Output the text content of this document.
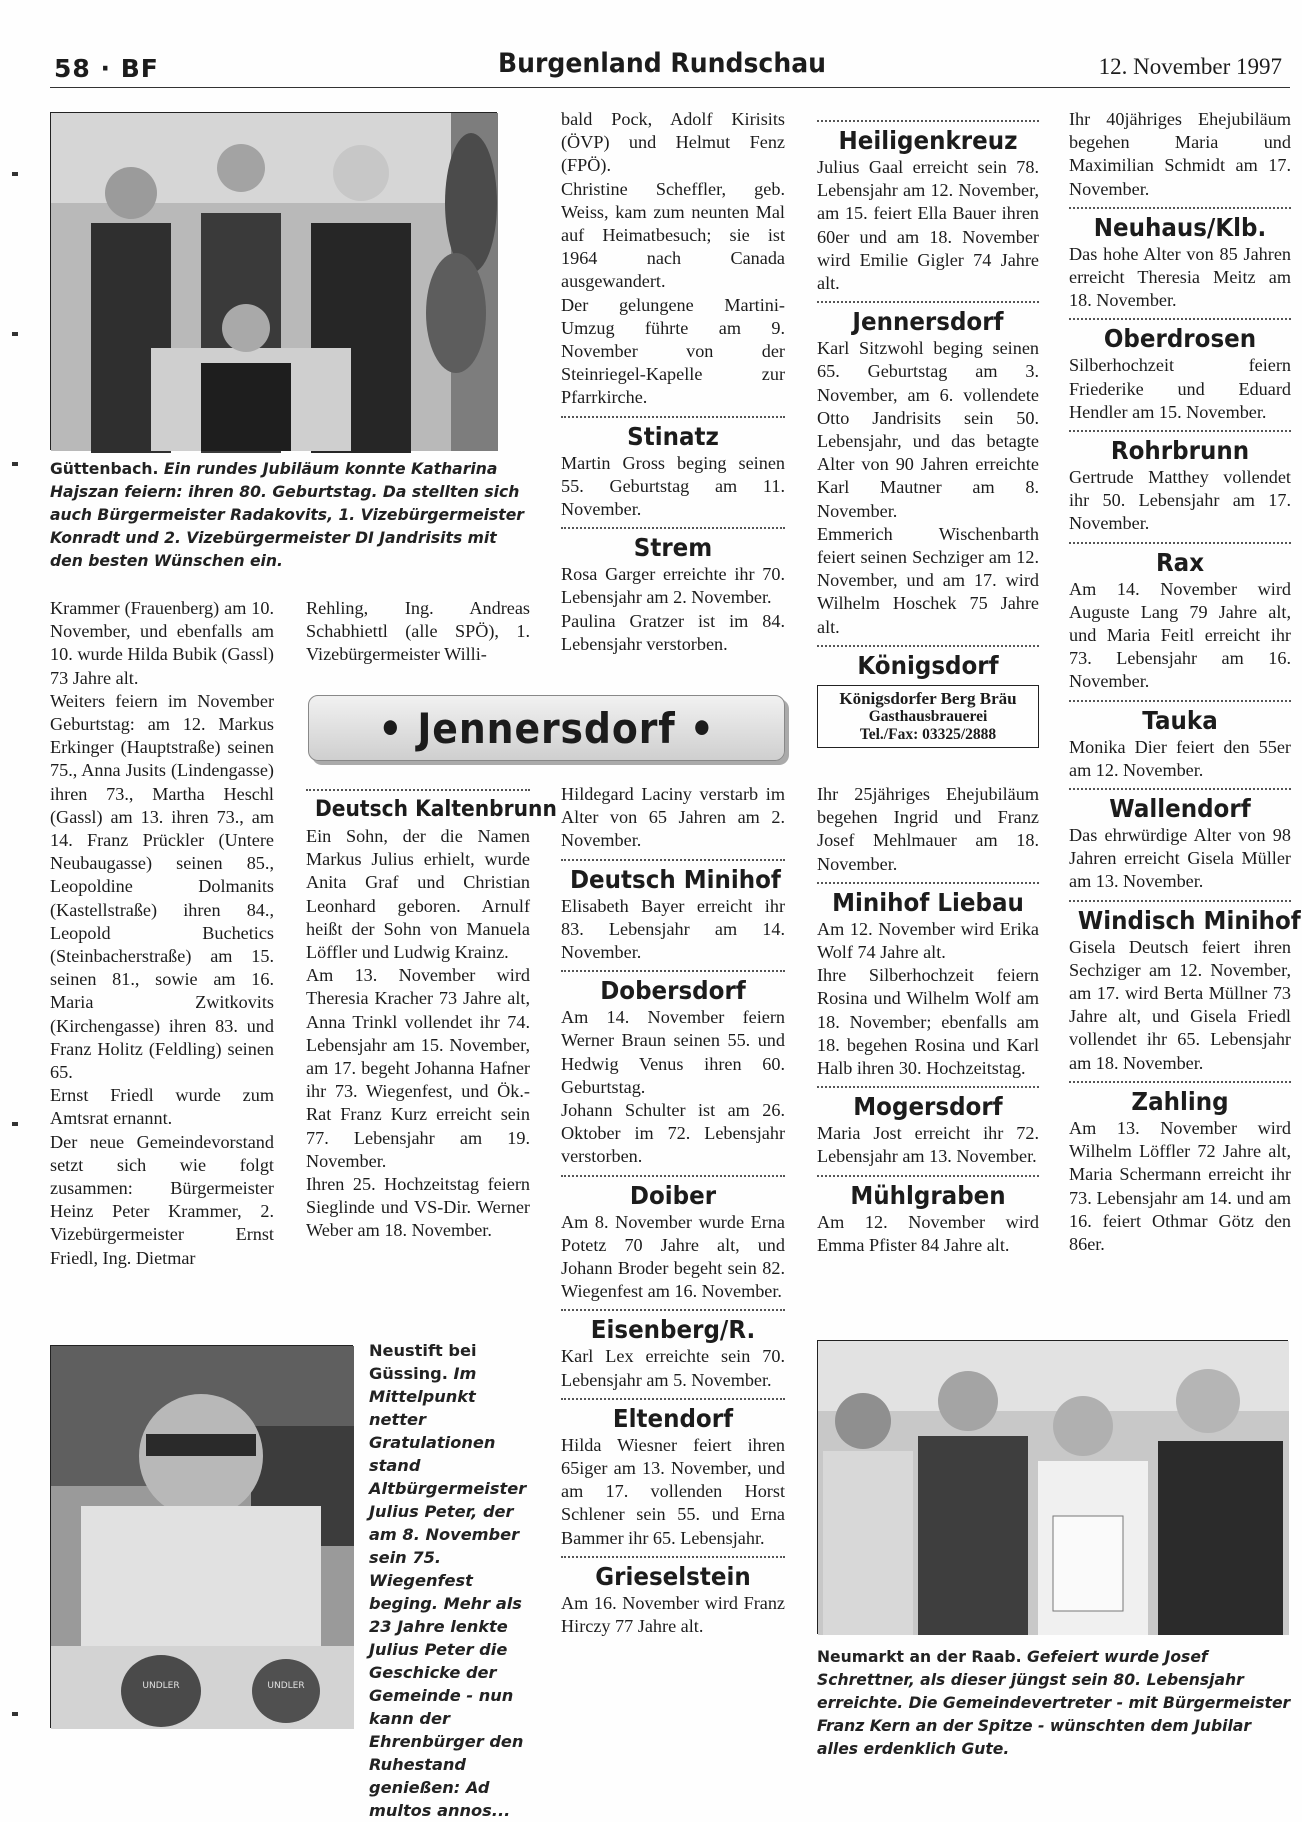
58 · BF	Burgenland Rundschau	12. November 1997
Güttenbach. Ein rundes Jubiläum konnte Katharina Hajszan feiern: ihren 80. Geburtstag. Da stellten sich auch Bürgermeister Radakovits, 1. Vizebürgermeister Konradt und 2. Vizebürgermeister DI Jandrisits mit den besten Wünschen ein.

Krammer (Frauenberg) am 10. November, und ebenfalls am 10. wurde Hilda Bubik (Gassl) 73 Jahre alt.

Weiters feiern im November Geburtstag: am 12. Markus Erkinger (Hauptstraße) seinen 75., Anna Jusits (Lindengasse) ihren 73., Martha Heschl (Gassl) am 13. ihren 73., am 14. Franz Prückler (Untere Neubaugasse) seinen 85., Leopoldine Dolmanits (Kastellstraße) ihren 84., Leopold Buchetics (Steinbacherstraße) am 15. seinen 81., sowie am 16. Maria Zwitkovits (Kirchengasse) ihren 83. und Franz Holitz (Feldling) seinen 65.

Ernst Friedl wurde zum Amtsrat ernannt.

Der neue Gemeindevorstand setzt sich wie folgt zusammen: Bürgermeister Heinz Peter Krammer, 2. Vizebürgermeister Ernst Friedl, Ing. Dietmar

Rehling, Ing. Andreas Schabhiettl (alle SPÖ), 1. Vizebürgermeister Willi-

bald Pock, Adolf Kirisits (ÖVP) und Helmut Fenz (FPÖ).

Christine Scheffler, geb. Weiss, kam zum neunten Mal auf Heimatbesuch; sie ist 1964 nach Canada ausgewandert.

Der gelungene Martini-Umzug führte am 9. November von der Steinriegel-Kapelle zur Pfarrkirche.

Stinatz

Martin Gross beging seinen 55. Geburtstag am 11. November.

Strem

Rosa Garger erreichte ihr 70. Lebensjahr am 2. November.

Paulina Gratzer ist im 84. Lebensjahr verstorben.

Heiligenkreuz

Julius Gaal erreicht sein 78. Lebensjahr am 12. November, am 15. feiert Ella Bauer ihren 60er und am 18. November wird Emilie Gigler 74 Jahre alt.

Jennersdorf

Karl Sitzwohl beging seinen 65. Geburtstag am 3. November, am 6. vollendete Otto Jandrisits sein 50. Lebensjahr, und das betagte Alter von 90 Jahren erreichte Karl Mautner am 8. November.

Emmerich Wischenbarth feiert seinen Sechziger am 12. November, und am 17. wird Wilhelm Hoschek 75 Jahre alt.

Königsdorf
Königsdorfer Berg Bräu
Gasthausbrauerei
Tel./Fax: 03325/2888

Ihr 40jähriges Ehejubiläum begehen Maria und Maximilian Schmidt am 17. November.

Neuhaus/Klb.

Das hohe Alter von 85 Jahren erreicht Theresia Meitz am 18. November.

Oberdrosen

Silberhochzeit feiern Friederike und Eduard Hendler am 15. November.

Rohrbrunn

Gertrude Matthey vollendet ihr 50. Lebensjahr am 17. November.

Rax

Am 14. November wird Auguste Lang 79 Jahre alt, und Maria Feitl erreicht ihr 73. Lebensjahr am 16. November.

Tauka

Monika Dier feiert den 55er am 12. November.

Wallendorf

Das ehrwürdige Alter von 98 Jahren erreicht Gisela Müller am 13. November.

Windisch Minihof

Gisela Deutsch feiert ihren Sechziger am 12. November, am 17. wird Berta Müllner 73 Jahre alt, und Gisela Friedl vollendet ihr 65. Lebensjahr am 18. November.

Zahling

Am 13. November wird Wilhelm Löffler 72 Jahre alt, Maria Schermann erreicht ihr 73. Lebensjahr am 14. und am 16. feiert Othmar Götz den 86er.

• Jennersdorf •
Deutsch Kaltenbrunn

Ein Sohn, der die Namen Markus Julius erhielt, wurde Anita Graf und Christian Leonhard geboren. Arnulf heißt der Sohn von Manuela Löffler und Ludwig Krainz.

Am 13. November wird Theresia Kracher 73 Jahre alt, Anna Trinkl vollendet ihr 74. Lebensjahr am 15. November, am 17. begeht Johanna Hafner ihr 73. Wiegenfest, und Ök.-Rat Franz Kurz erreicht sein 77. Lebensjahr am 19. November.

Ihren 25. Hochzeitstag feiern Sieglinde und VS-Dir. Werner Weber am 18. November.

Hildegard Laciny verstarb im Alter von 65 Jahren am 2. November.

Deutsch Minihof

Elisabeth Bayer erreicht ihr 83. Lebensjahr am 14. November.

Dobersdorf

Am 14. November feiern Werner Braun seinen 55. und Hedwig Venus ihren 60. Geburtstag.

Johann Schulter ist am 26. Oktober im 72. Lebensjahr verstorben.

Doiber

Am 8. November wurde Erna Potetz 70 Jahre alt, und Johann Broder begeht sein 82. Wiegenfest am 16. November.

Eisenberg/R.

Karl Lex erreichte sein 70. Lebensjahr am 5. November.

Eltendorf

Hilda Wiesner feiert ihren 65iger am 13. November, und am 17. vollenden Horst Schlener sein 55. und Erna Bammer ihr 65. Lebensjahr.

Grieselstein

Am 16. November wird Franz Hirczy 77 Jahre alt.

Ihr 25jähriges Ehejubiläum begehen Ingrid und Franz Josef Mehlmauer am 18. November.

Minihof Liebau

Am 12. November wird Erika Wolf 74 Jahre alt.

Ihre Silberhochzeit feiern Rosina und Wilhelm Wolf am 18. November; ebenfalls am 18. begehen Rosina und Karl Halb ihren 30. Hochzeitstag.

Mogersdorf

Maria Jost erreicht ihr 72. Lebensjahr am 13. November.

Mühlgraben

Am 12. November wird Emma Pfister 84 Jahre alt.

UNDLER	UNDLER
Neustift bei Güssing. Im Mittelpunkt netter Gratulationen stand Altbürgermeister Julius Peter, der am 8. November sein 75. Wiegenfest beging. Mehr als 23 Jahre lenkte Julius Peter die Geschicke der Gemeinde - nun kann der Ehrenbürger den Ruhestand genießen: Ad multos annos...
Neumarkt an der Raab. Gefeiert wurde Josef Schrettner, als dieser jüngst sein 80. Lebensjahr erreichte. Die Gemeindevertreter - mit Bürgermeister Franz Kern an der Spitze - wünschten dem Jubilar alles erdenklich Gute.
